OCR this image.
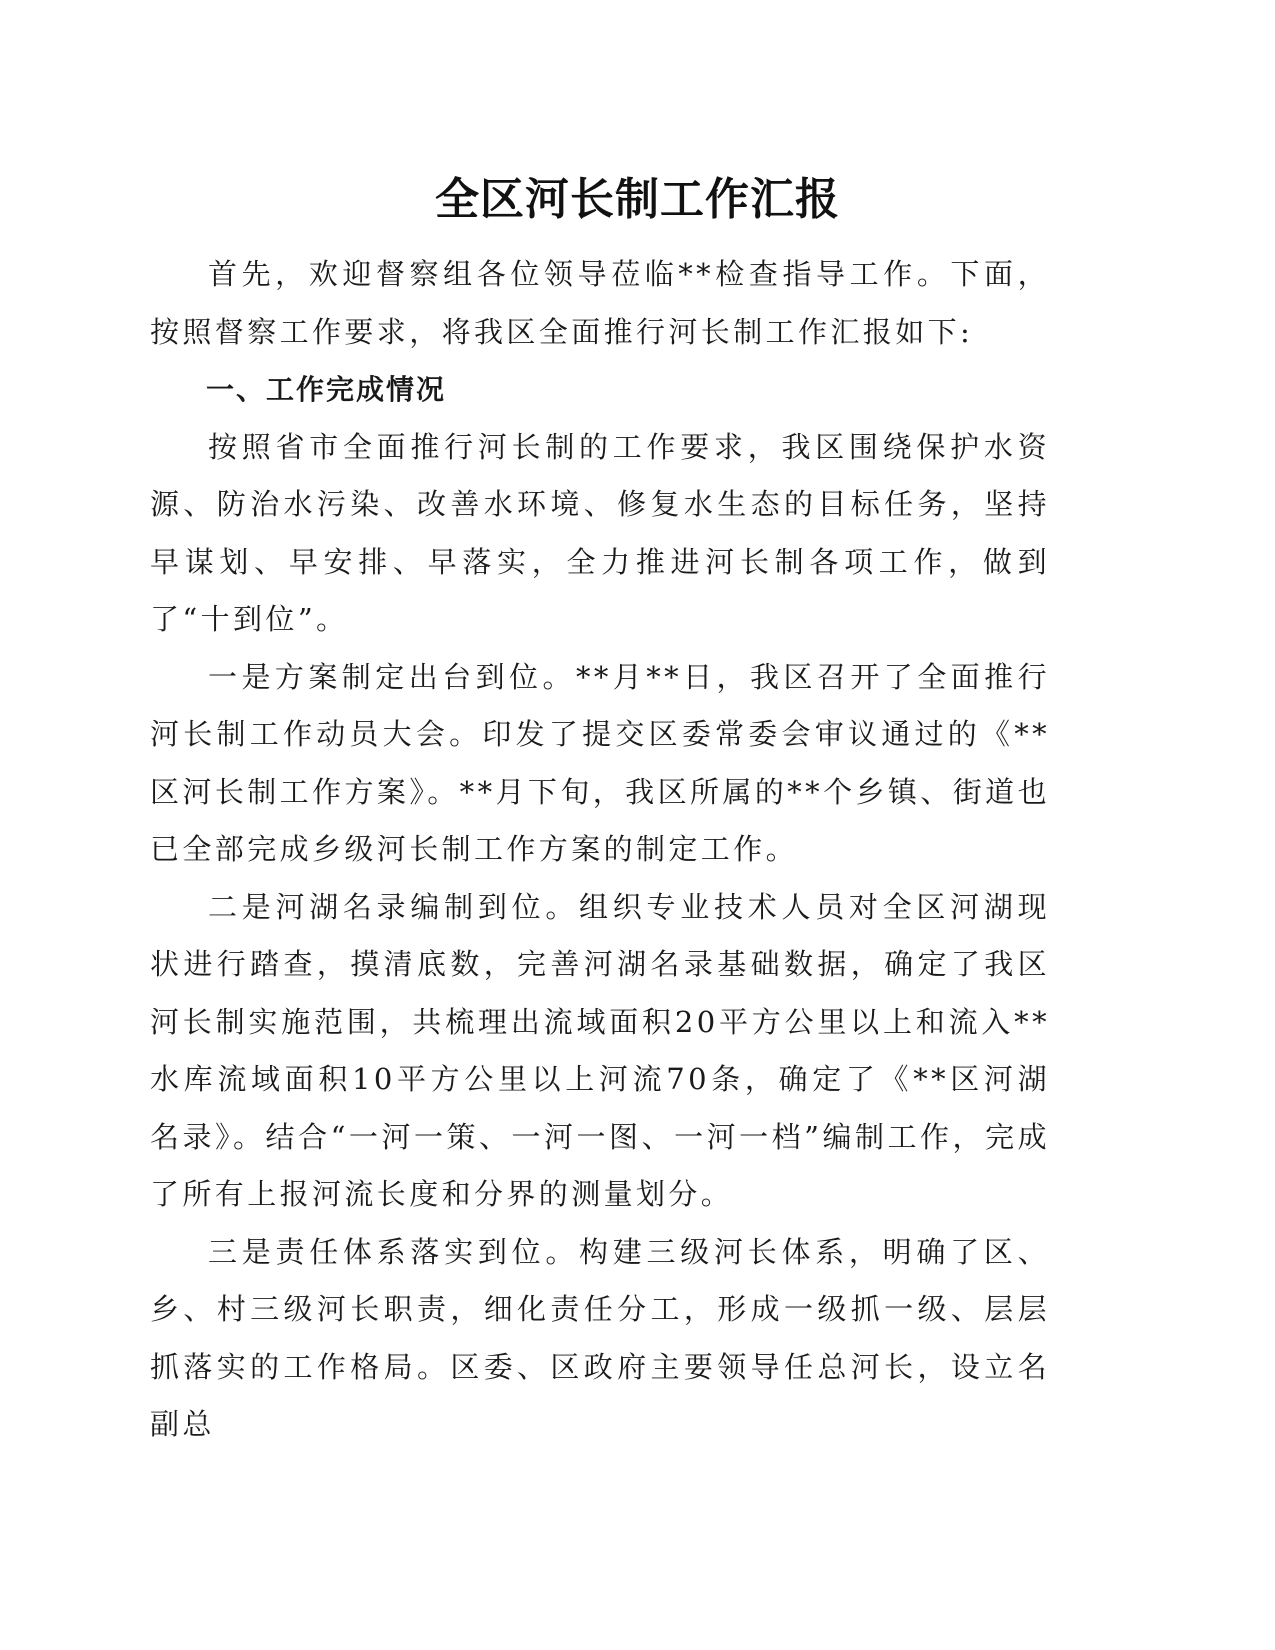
全区河长制工作汇报

首先，欢迎督察组各位领导莅临**检查指导工作。下面，按照督察工作要求，将我区全面推行河长制工作汇报如下:

一、工作完成情况

按照省市全面推行河长制的工作要求，我区围绕保护水资源、防治水污染、改善水环境、修复水生态的目标任务，坚持早谋划、早安排、早落实，全力推进河长制各项工作，做到了“十到位”。

一是方案制定出台到位。**月**日，我区召开了全面推行河长制工作动员大会。印发了提交区委常委会审议通过的《**区河长制工作方案》。**月下旬，我区所属的**个乡镇、街道也已全部完成乡级河长制工作方案的制定工作。

二是河湖名录编制到位。组织专业技术人员对全区河湖现状进行踏查，摸清底数，完善河湖名录基础数据，确定了我区河长制实施范围，共梳理出流域面积20平方公里以上和流入**水库流域面积10平方公里以上河流70条，确定了《**区河湖名录》。结合“一河一策、一河一图、一河一档”编制工作，完成了所有上报河流长度和分界的测量划分。

三是责任体系落实到位。构建三级河长体系，明确了区、乡、村三级河长职责，细化责任分工，形成一级抓一级、层层抓落实的工作格局。区委、区政府主要领导任总河长，设立名副总
